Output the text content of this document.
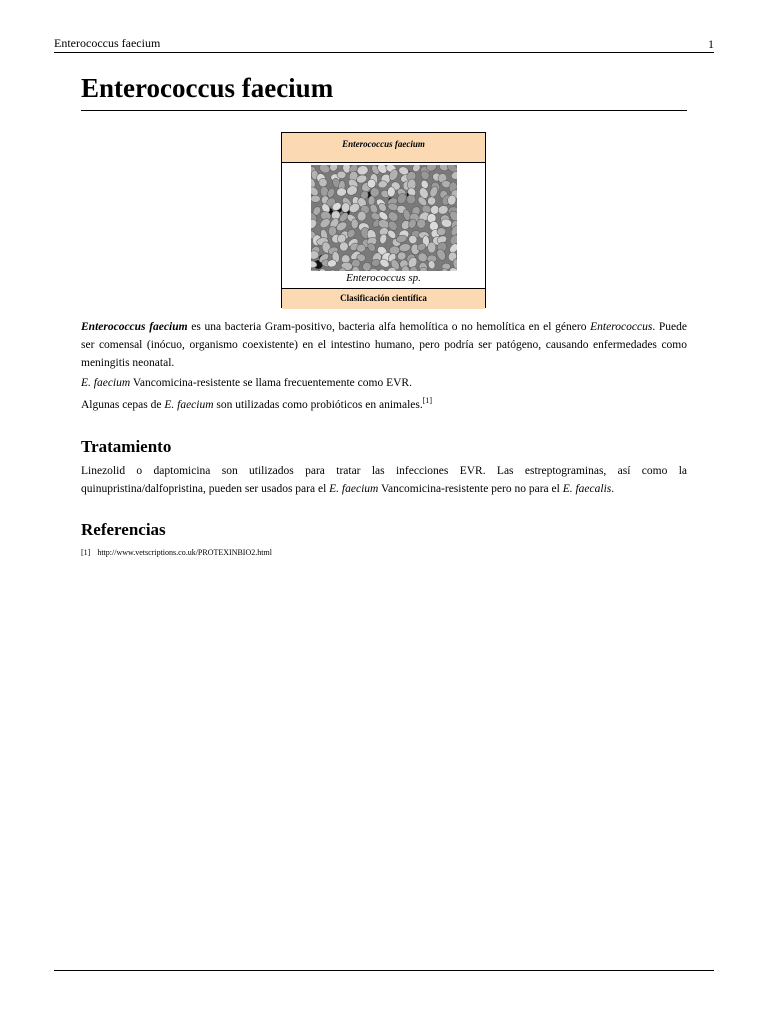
Enterococcus faecium	1
Enterococcus faecium
Enterococcus faecium
Enterococcus sp.
Clasificación científica

Enterococcus faecium es una bacteria Gram-positivo, bacteria alfa hemolítica o no hemolítica en el género Enterococcus. Puede ser comensal (inócuo, organismo coexistente) en el intestino humano, pero podría ser patógeno, causando enfermedades como meningitis neonatal.

E. faecium Vancomicina-resistente se llama frecuentemente como EVR.

Algunas cepas de E. faecium son utilizadas como probióticos en animales.[1]

Tratamiento

Linezolid o daptomicina son utilizados para tratar las infecciones EVR. Las estreptograminas, así como la quinupristina/dalfopristina, pueden ser usados para el E. faecium Vancomicina-resistente pero no para el E. faecalis.

Referencias
[1] http://www.vetscriptions.co.uk/PROTEXINBIO2.html
